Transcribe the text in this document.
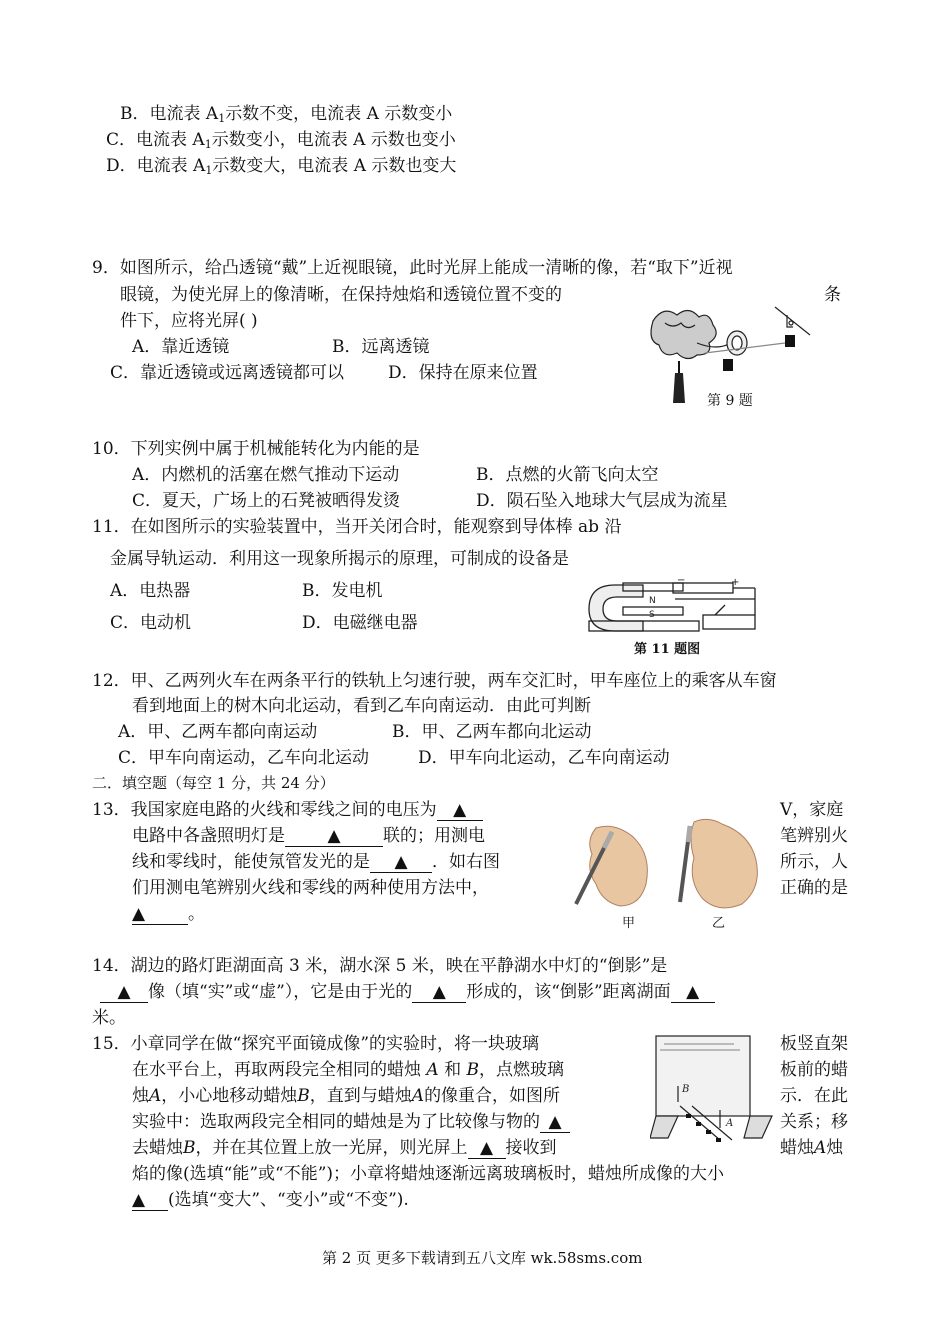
B．电流表 $A_1$示数不变，电流表 A 示数变小
C．电流表 $A_1$示数变小，电流表 A 示数也变小
D．电流表 $A_1$示数变大，电流表 A 示数也变大
9．如图所示，给凸透镜“戴”上近视眼镜，此时光屏上能成一清晰的像，若“取下”近视
眼镜，为使光屏上的像清晰，在保持烛焰和透镜位置不变的	条
件下，应将光屏( )
A．靠近透镜	B．远离透镜
C．靠近透镜或远离透镜都可以	D．保持在原来位置
第 9 题
10．下列实例中属于机械能转化为内能的是
A．内燃机的活塞在燃气推动下运动	B．点燃的火箭飞向太空
C．夏天，广场上的石凳被晒得发烫	D．陨石坠入地球大气层成为流星
11．在如图所示的实验装置中，当开关闭合时，能观察到导体棒 ab 沿
金属导轨运动．利用这一现象所揭示的原理，可制成的设备是
A．电热器	B．发电机
C．电动机	D．电磁继电器
N
S
+
−
第 11 题图
12．甲、乙两列火车在两条平行的铁轨上匀速行驶，两车交汇时，甲车座位上的乘客从车窗
看到地面上的树木向北运动，看到乙车向南运动．由此可判断
A．甲、乙两车都向南运动	B．甲、乙两车都向北运动
C．甲车向南运动，乙车向北运动	D．甲车向北运动，乙车向南运动
二．填空题（每空 1 分，共 24 分）
13．我国家庭电路的火线和零线之间的电压为 ▲	V，家庭
电路中各盏照明灯是 ▲ 联的；用测电	笔辨别火
线和零线时，能使氖管发光的是 ▲ ．如右图	所示，人
们用测电笔辨别火线和零线的两种使用方法中，	正确的是
▲	。	甲	乙
14．湖边的路灯距湖面高 3 米，湖水深 5 米，映在平静湖水中灯的“倒影”是
▲ 像（填“实”或“虚”），它是由于光的 ▲ 形成的，该“倒影”距离湖面 ▲
米。
15．小章同学在做“探究平面镜成像”的实验时，将一块玻璃	板竖直架
在水平台上，再取两段完全相同的蜡烛 A 和 B，点燃玻璃	板前的蜡
烛A，小心地移动蜡烛B，直到与蜡烛A的像重合，如图所	示．在此
实验中：选取两段完全相同的蜡烛是为了比较像与物的 ▲	关系；移
去蜡烛B，并在其位置上放一光屏，则光屏上 ▲ 接收到	蜡烛A烛
焰的像(选填“能”或“不能”)；小章将蜡烛逐渐远离玻璃板时，蜡烛所成像的大小
▲ (选填“变大”、“变小”或“不变”).
B
A
第 2 页 更多下载请到五八文库 wk.58sms.com
